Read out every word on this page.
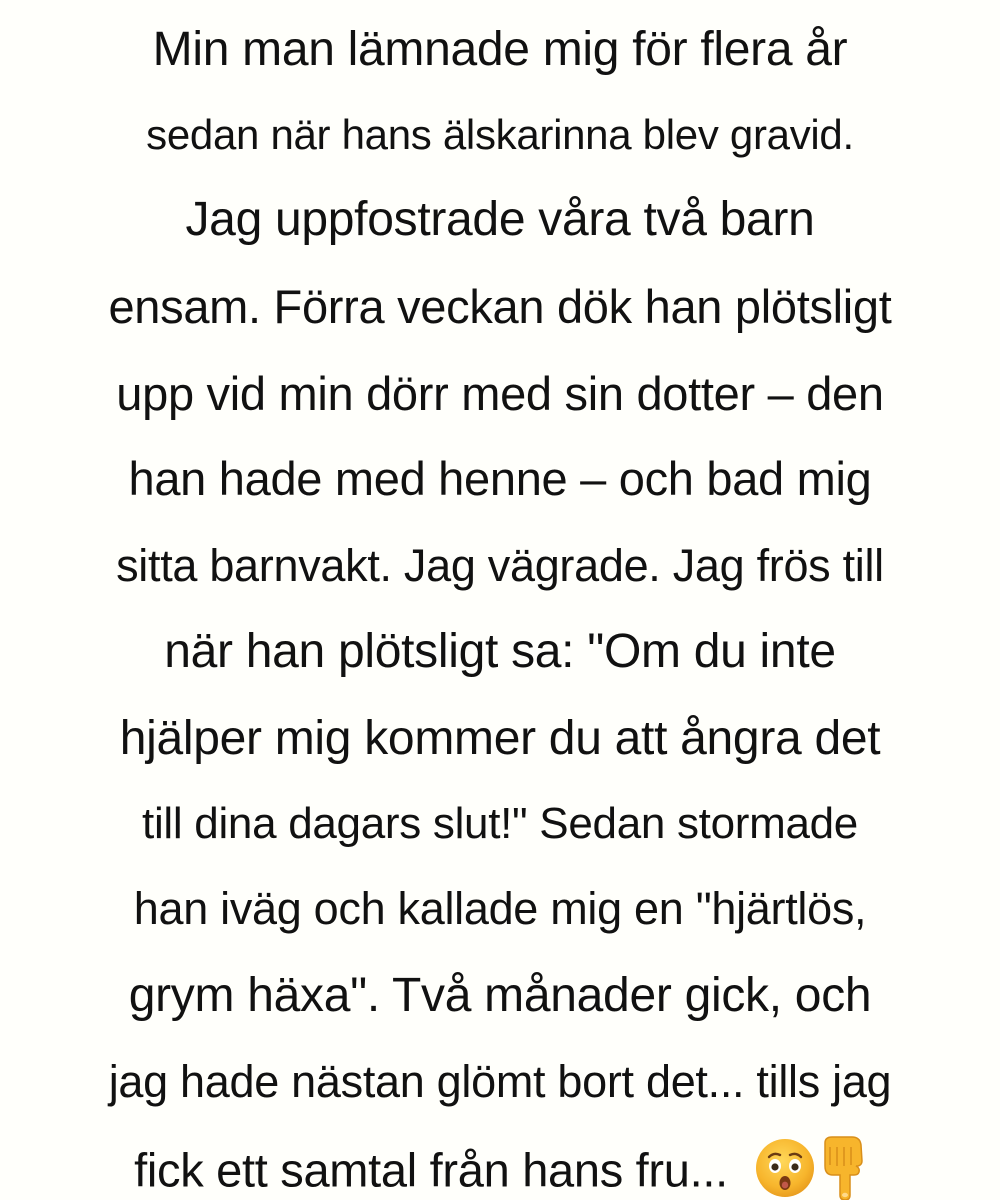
Min man lämnade mig för flera år
sedan när hans älskarinna blev gravid.
Jag uppfostrade våra två barn
ensam. Förra veckan dök han plötsligt
upp vid min dörr med sin dotter – den
han hade med henne – och bad mig
sitta barnvakt. Jag vägrade. Jag frös till
när han plötsligt sa: "Om du inte
hjälper mig kommer du att ångra det
till dina dagars slut!" Sedan stormade
han iväg och kallade mig en "hjärtlös,
grym häxa". Två månader gick, och
jag hade nästan glömt bort det... tills jag
fick ett samtal från hans fru...
